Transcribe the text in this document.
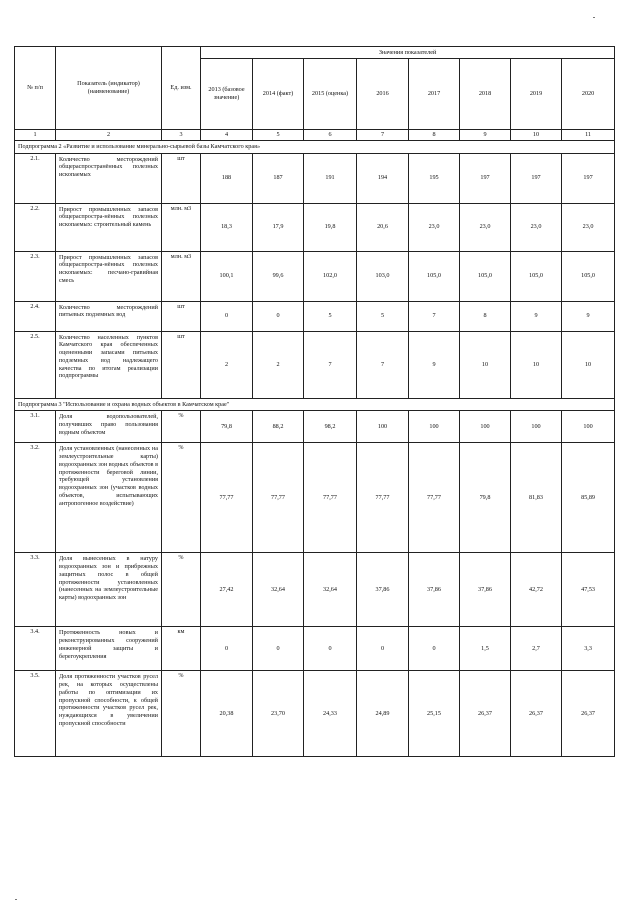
№ п/п	Показатель (индикатор) (наименование)	Ед. изм.	Значения показателей							
			2013 (базовое значение)	2014 (факт)	2015 (оценка)	2016	2017	2018	2019	2020
1	2	3	4	5	6	7	8	9	10	11
Подпрограмма 2 «Развитие и использование минерально-сырьевой базы Камчатского края»										
2.1.	Количество месторождений общераспространённых полезных ископаемых	шт	188	187	191	194	195	197	197	197
2.2.	Прирост промышленных запасов общераспростра-нённых полезных ископаемых: строительный камень	млн. м3	18,3	17,9	19,8	20,6	23,0	23,0	23,0	23,0
2.3.	Прирост промышленных запасов общераспростра-нённых полезных ископаемых: песчано-гравийная смесь	млн. м3	100,1	99,6	102,0	103,0	105,0	105,0	105,0	105,0
2.4.	Количество месторождений питьевых подземных вод	шт	0	0	5	5	7	8	9	9
2.5.	Количество населенных пунктов Камчатского края обеспеченных оцененными запасами питьевых подземных вод надлежащего качества по итогам реализации подпрограммы	шт	2	2	7	7	9	10	10	10
Подпрограмма 3 "Использование и охрана водных объектов в Камчатском крае"										
3.1.	Доля водопользователей, получивших право пользования водным объектом	%	79,8	88,2	98,2	100	100	100	100	100
3.2.	Доля установленных (нанесенных на землеустроительные карты) водоохранных зон водных объектов в протяженности береговой линии, требующей установления водоохранных зон (участков водных объектов, испытывающих антропогенное воздействие)	%	77,77	77,77	77,77	77,77	77,77	79,8	81,83	85,89
3.3.	Доля вынесенных в натуру водоохранных зон и прибрежных защитных полос в общей протяженности установленных (нанесенных на землеустроительные карты) водоохранных зон	%	27,42	32,64	32,64	37,86	37,86	37,86	42,72	47,53
3.4.	Протяженность новых и реконструированных сооружений инженерной защиты и берегоукрепления	км	0	0	0	0	0	1,5	2,7	3,3
3.5.	Доля протяженности участков русел рек, на которых осуществлены работы по оптимизации их пропускной способности, к общей протяженности участков русел рек, нуждающихся в увеличении пропускной способности	%	20,38	23,70	24,33	24,89	25,15	26,37	26,37	26,37
